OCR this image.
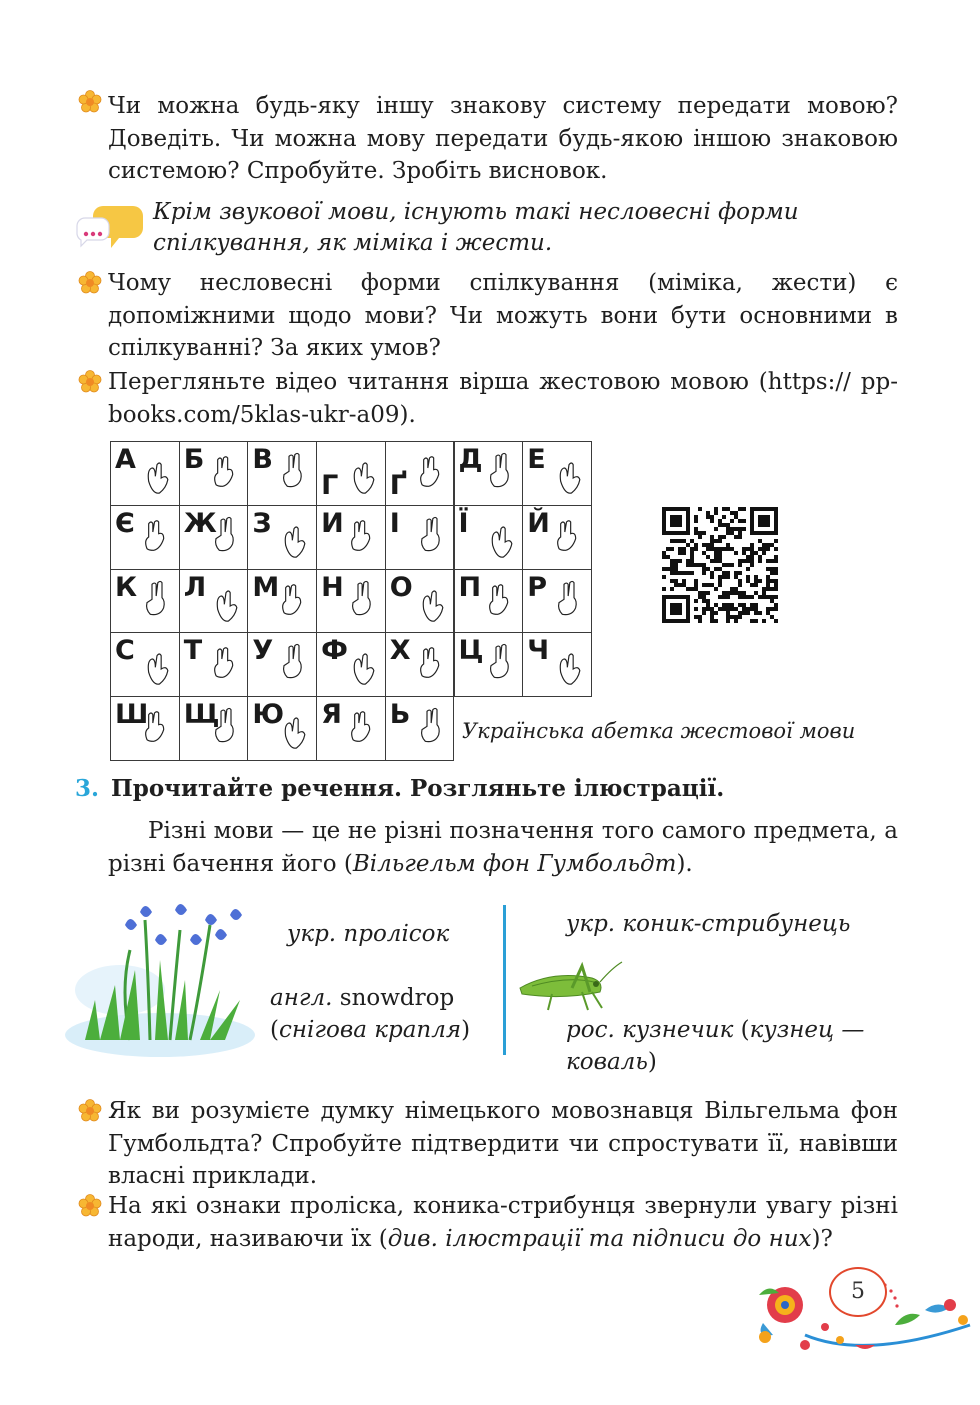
Чи можна будь-яку іншу знакову систему передати мовою? Доведіть. Чи можна мову передати будь-якою іншою знаковою системою? Спробуйте. Зробіть висновок.
Крім звукової мови, існують такі несловесні форми спілкування, як міміка і жести.
Чому несловесні форми спілкування (міміка, жести) є допоміжними щодо мови? Чи можуть вони бути основними в спілкуванні? За яких умов?
Перегляньте відео читання вірша жестовою мовою (https:// pp-books.com/5klas-ukr-a09).
А Б В
Г Ґ
Д Е
Є Ж З И І Ї Й
К Л М Н О П Р
С Т У Ф Х Ц Ч
Ш Щ Ю Я Ь
Українська абетка жестової мови
3. Прочитайте речення. Розгляньте ілюстрації.
Різні мови — це не різні позначення того самого предмета, а різні бачення його (Вільгельм фон Гумбольдт).
укр. пролісок
англ. snowdrop
(снігова крапля)
укр. коник-стрибунець
рос. кузнечик (кузнец — коваль)
Як ви розумієте думку німецького мовознавця Вільгельма фон Гумбольдта? Спробуйте підтвердити чи спростувати її, навівши власні приклади.
На які ознаки проліска, коника-стрибунця звернули увагу різні народи, називаючи їх (див. ілюстрації та підписи до них)?
5
